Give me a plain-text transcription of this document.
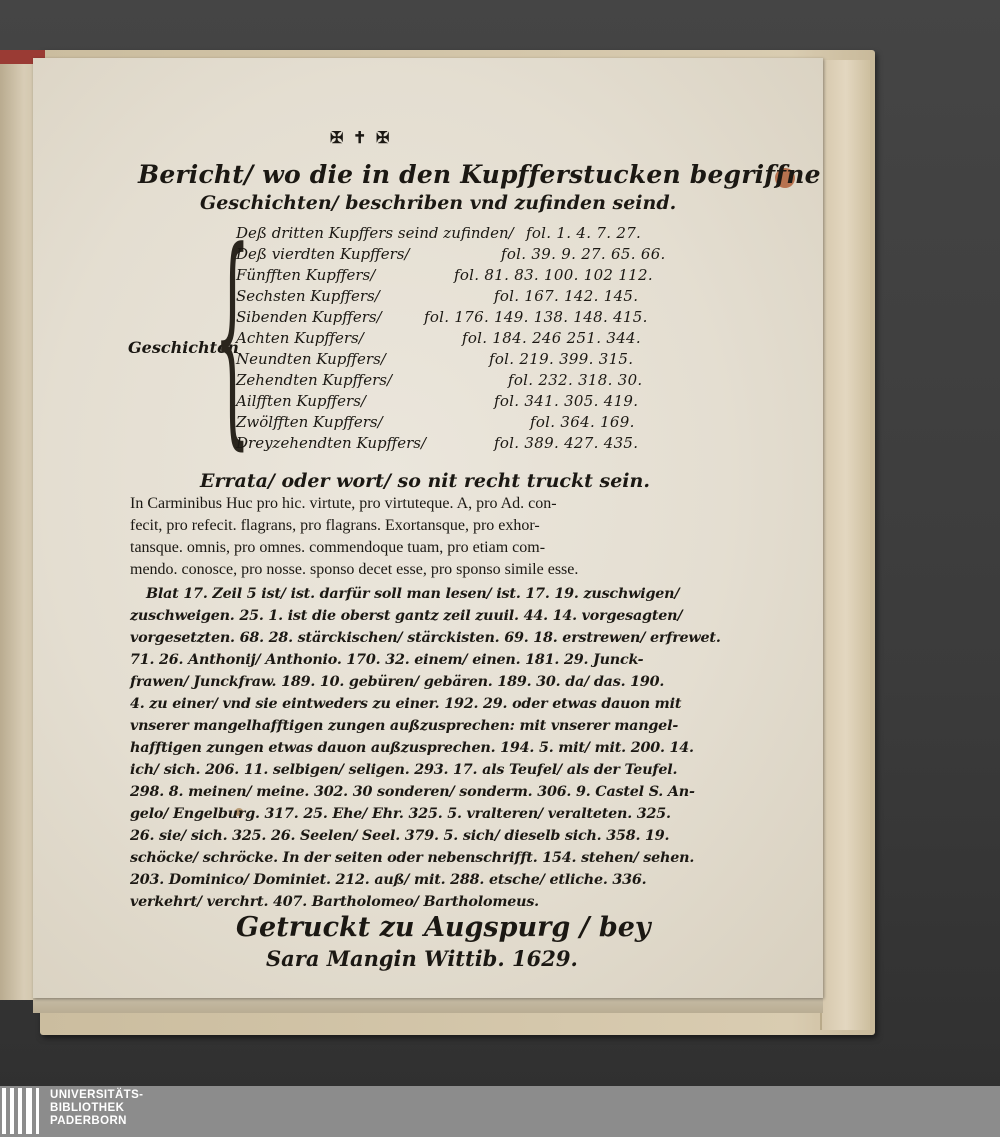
✠ ✝ ✠
Bericht/ wo die in den Kupfferstucken begriffne
Geschichten/ beschriben vnd zufinden seind.
Geschichten
{
Deß dritten Kupffers seind zufinden/ fol. 1. 4. 7. 27.
Deß vierdten Kupffers/	fol. 39. 9. 27. 65. 66.
Fünfften Kupffers/	fol. 81. 83. 100. 102 112.
Sechsten Kupffers/	fol. 167. 142. 145.
Sibenden Kupffers/	fol. 176. 149. 138. 148. 415.
Achten Kupffers/	fol. 184. 246 251. 344.
Neundten Kupffers/	fol. 219. 399. 315.
Zehendten Kupffers/	fol. 232. 318. 30.
Ailfften Kupffers/	fol. 341. 305. 419.
Zwölfften Kupffers/	fol. 364. 169.
Dreyzehendten Kupffers/	fol. 389. 427. 435.
Errata/ oder wort/ so nit recht truckt sein.
In Carminibus Huc pro hic. virtute, pro virtuteque. A, pro Ad. con-
fecit, pro refecit. flagrans, pro flagrans. Exortansque, pro exhor-
tansque. omnis, pro omnes. commendoque tuam, pro etiam com-
mendo. conosce, pro nosse. sponso decet esse, pro sponso simile esse.
Blat 17. Zeil 5 ist/ ist. darfür soll man lesen/ ist. 17. 19. zuschwigen/
zuschweigen. 25. 1. ist die oberst gantz zeil zuuil. 44. 14. vorgesagten/
vorgesetzten. 68. 28. stärckischen/ stärckisten. 69. 18. erstrewen/ erfrewet.
71. 26. Anthonij/ Anthonio. 170. 32. einem/ einen. 181. 29. Junck-
frawen/ Junckfraw. 189. 10. gebüren/ gebären. 189. 30. da/ das. 190.
4. zu einer/ vnd sie eintweders zu einer. 192. 29. oder etwas dauon mit
vnserer mangelhafftigen zungen außzusprechen: mit vnserer mangel-
hafftigen zungen etwas dauon außzusprechen. 194. 5. mit/ mit. 200. 14.
ich/ sich. 206. 11. selbigen/ seligen. 293. 17. als Teufel/ als der Teufel.
298. 8. meinen/ meine. 302. 30 sonderen/ sonderm. 306. 9. Castel S. An-
gelo/ Engelburg. 317. 25. Ehe/ Ehr. 325. 5. vralteren/ veralteten. 325.
26. sie/ sich. 325. 26. Seelen/ Seel. 379. 5. sich/ dieselb sich. 358. 19.
schöcke/ schröcke. In der seiten oder nebenschrifft. 154. stehen/ sehen.
203. Dominico/ Dominiet. 212. auß/ mit. 288. etsche/ etliche. 336.
verkehrt/ verchrt. 407. Bartholomeo/ Bartholomeus.
Getruckt zu Augspurg / bey
Sara Mangin Wittib. 1629.
UNIVERSITÄTS-
BIBLIOTHEK
PADERBORN
